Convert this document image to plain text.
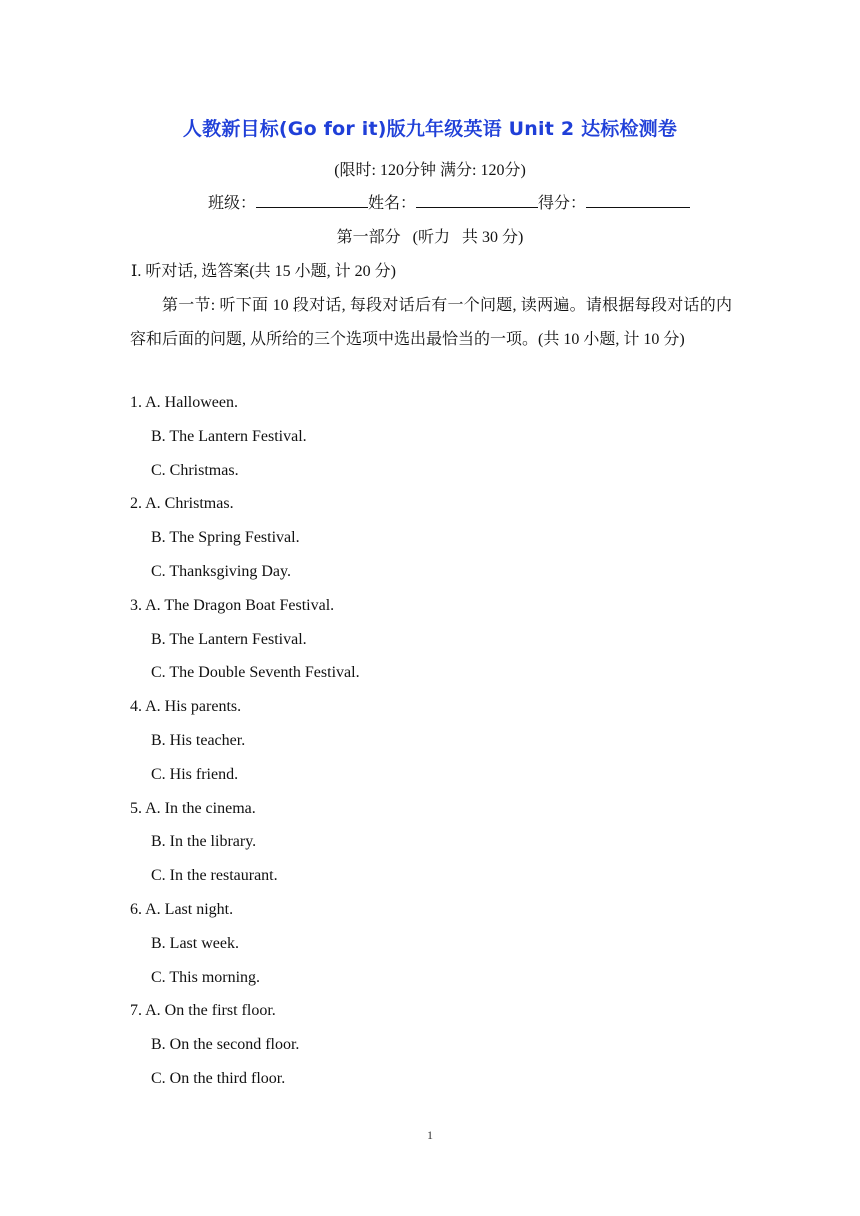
人教新目标(Go for it)版九年级英语 Unit 2 达标检测卷
(限时: 120分钟 满分: 120分)
班级：	姓名：	得分：
第一部分   (听力   共 30 分)
Ⅰ. 听对话, 选答案(共 15 小题, 计 20 分)
第一节: 听下面 10 段对话, 每段对话后有一个问题, 读两遍。请根据每段对话的内容和后面的问题, 从所给的三个选项中选出最恰当的一项。(共 10 小题, 计 10 分)
1. A. Halloween.
B. The Lantern Festival.
C. Christmas.
2. A. Christmas.
B. The Spring Festival.
C. Thanksgiving Day.
3. A. The Dragon Boat Festival.
B. The Lantern Festival.
C. The Double Seventh Festival.
4. A. His parents.
B. His teacher.
C. His friend.
5. A. In the cinema.
B. In the library.
C. In the restaurant.
6. A. Last night.
B. Last week.
C. This morning.
7. A. On the first floor.
B. On the second floor.
C. On the third floor.
1
